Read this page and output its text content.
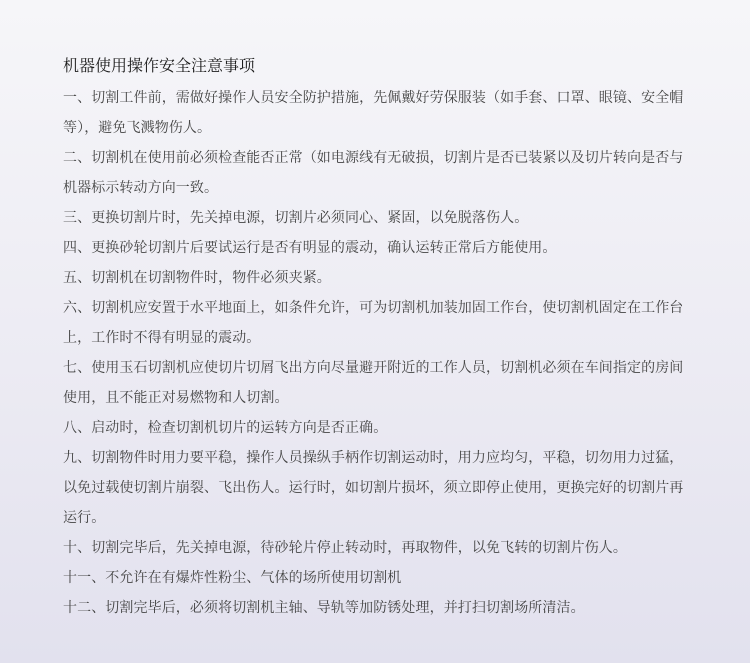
机器使用操作安全注意事项
一、切割工件前，需做好操作人员安全防护措施，先佩戴好劳保服装（如手套、口罩、眼镜、安全帽等），避免飞溅物伤人。
二、切割机在使用前必须检查能否正常（如电源线有无破损，切割片是否已装紧以及切片转向是否与机器标示转动方向一致。
三、更换切割片时，先关掉电源，切割片必须同心、紧固，以免脱落伤人。
四、更换砂轮切割片后要试运行是否有明显的震动，确认运转正常后方能使用。
五、切割机在切割物件时，物件必须夹紧。
六、切割机应安置于水平地面上，如条件允许，可为切割机加装加固工作台，使切割机固定在工作台上，工作时不得有明显的震动。
七、使用玉石切割机应使切片切屑飞出方向尽量避开附近的工作人员，切割机必须在车间指定的房间使用，且不能正对易燃物和人切割。
八、启动时，检查切割机切片的运转方向是否正确。
九、切割物件时用力要平稳，操作人员操纵手柄作切割运动时，用力应均匀，平稳，切勿用力过猛，以免过载使切割片崩裂、飞出伤人。运行时，如切割片损坏，须立即停止使用，更换完好的切割片再运行。
十、切割完毕后，先关掉电源，待砂轮片停止转动时，再取物件，以免飞转的切割片伤人。
十一、不允许在有爆炸性粉尘、气体的场所使用切割机
十二、切割完毕后，必须将切割机主轴、导轨等加防锈处理，并打扫切割场所清洁。
